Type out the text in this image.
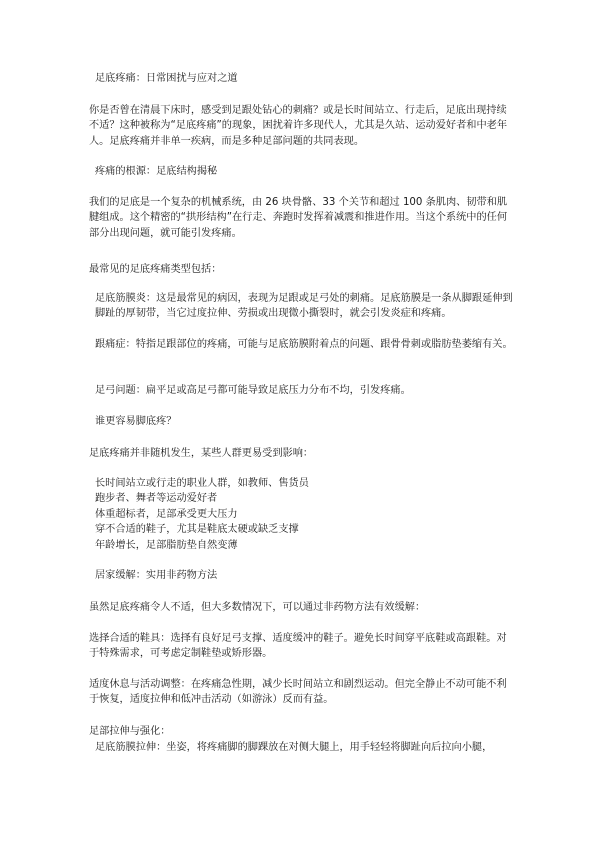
足底疼痛：日常困扰与应对之道

你是否曾在清晨下床时，感受到足跟处钻心的刺痛？或是长时间站立、行走后，足底出现持续不适？这种被称为“足底疼痛”的现象，困扰着许多现代人，尤其是久站、运动爱好者和中老年人。足底疼痛并非单一疾病，而是多种足部问题的共同表现。

疼痛的根源：足底结构揭秘

我们的足底是一个复杂的机械系统，由 26 块骨骼、33 个关节和超过 100 条肌肉、韧带和肌腱组成。这个精密的“拱形结构”在行走、奔跑时发挥着减震和推进作用。当这个系统中的任何部分出现问题，就可能引发疼痛。

最常见的足底疼痛类型包括：

足底筋膜炎：这是最常见的病因，表现为足跟或足弓处的刺痛。足底筋膜是一条从脚跟延伸到脚趾的厚韧带，当它过度拉伸、劳损或出现微小撕裂时，就会引发炎症和疼痛。

跟痛症：特指足跟部位的疼痛，可能与足底筋膜附着点的问题、跟骨骨刺或脂肪垫萎缩有关。

足弓问题：扁平足或高足弓都可能导致足底压力分布不均，引发疼痛。

谁更容易脚底疼？

足底疼痛并非随机发生，某些人群更易受到影响：

长时间站立或行走的职业人群，如教师、售货员
跑步者、舞者等运动爱好者
体重超标者，足部承受更大压力
穿不合适的鞋子，尤其是鞋底太硬或缺乏支撑
年龄增长，足部脂肪垫自然变薄

居家缓解：实用非药物方法

虽然足底疼痛令人不适，但大多数情况下，可以通过非药物方法有效缓解：

选择合适的鞋具：选择有良好足弓支撑、适度缓冲的鞋子。避免长时间穿平底鞋或高跟鞋。对于特殊需求，可考虑定制鞋垫或矫形器。

适度休息与活动调整：在疼痛急性期，减少长时间站立和剧烈运动。但完全静止不动可能不利于恢复，适度拉伸和低冲击活动（如游泳）反而有益。

足部拉伸与强化：

足底筋膜拉伸：坐姿，将疼痛脚的脚踝放在对侧大腿上，用手轻轻将脚趾向后拉向小腿，
